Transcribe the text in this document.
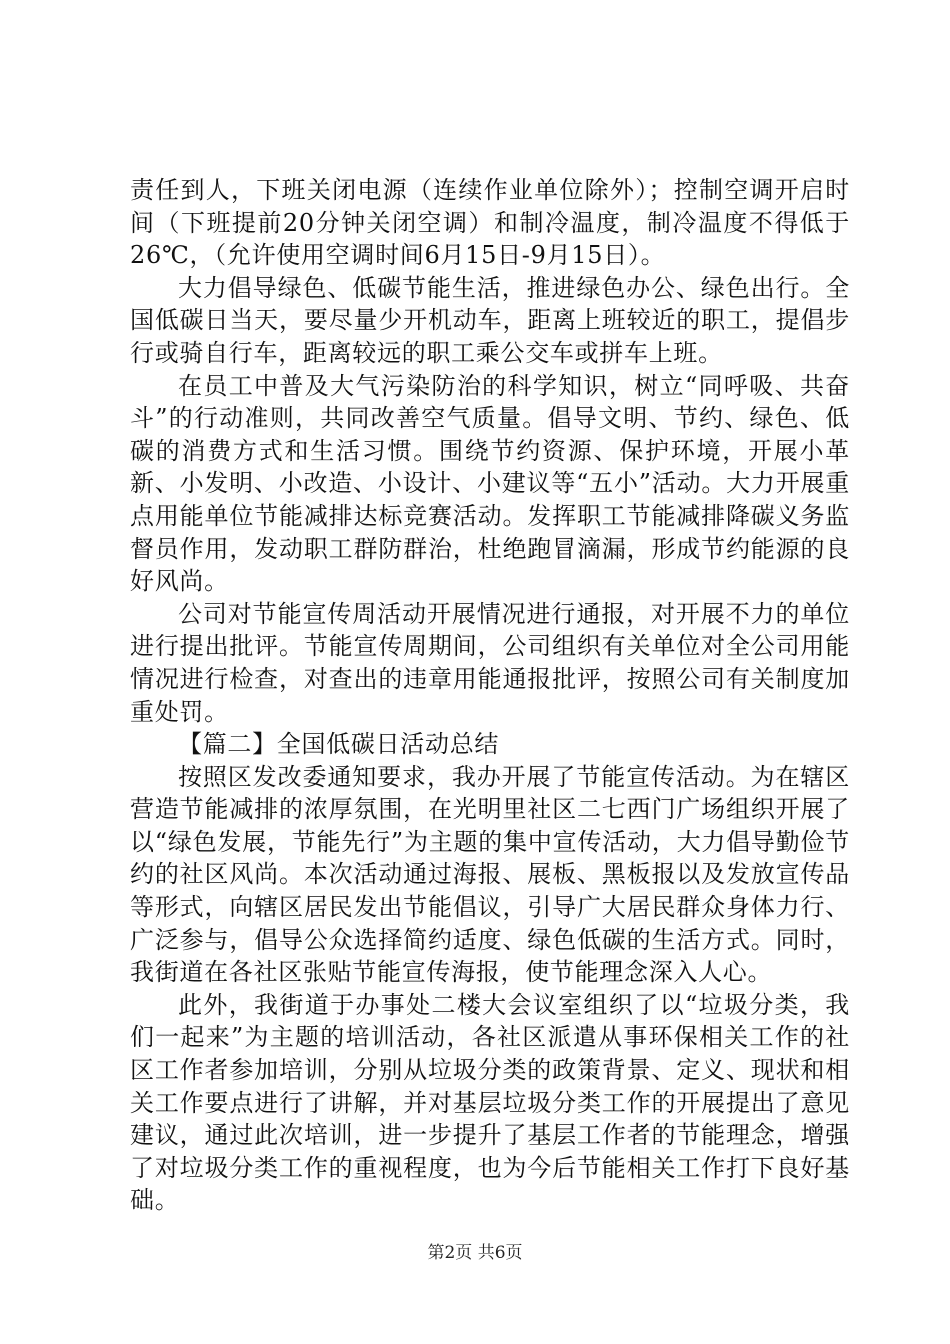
责任到人，下班关闭电源（连续作业单位除外）；控制空调开启时间（下班提前20分钟关闭空调）和制冷温度，制冷温度不得低于26℃，（允许使用空调时间6月15日-9月15日）。

大力倡导绿色、低碳节能生活，推进绿色办公、绿色出行。全国低碳日当天，要尽量少开机动车，距离上班较近的职工，提倡步行或骑自行车，距离较远的职工乘公交车或拼车上班。

在员工中普及大气污染防治的科学知识，树立“同呼吸、共奋斗”的行动准则，共同改善空气质量。倡导文明、节约、绿色、低碳的消费方式和生活习惯。围绕节约资源、保护环境，开展小革新、小发明、小改造、小设计、小建议等“五小”活动。大力开展重点用能单位节能减排达标竞赛活动。发挥职工节能减排降碳义务监督员作用，发动职工群防群治，杜绝跑冒滴漏，形成节约能源的良好风尚。

公司对节能宣传周活动开展情况进行通报，对开展不力的单位进行提出批评。节能宣传周期间，公司组织有关单位对全公司用能情况进行检查，对查出的违章用能通报批评，按照公司有关制度加重处罚。

【篇二】全国低碳日活动总结

按照区发改委通知要求，我办开展了节能宣传活动。为在辖区营造节能减排的浓厚氛围，在光明里社区二七西门广场组织开展了以“绿色发展，节能先行”为主题的集中宣传活动，大力倡导勤俭节约的社区风尚。本次活动通过海报、展板、黑板报以及发放宣传品等形式，向辖区居民发出节能倡议，引导广大居民群众身体力行、广泛参与，倡导公众选择简约适度、绿色低碳的生活方式。同时，我街道在各社区张贴节能宣传海报，使节能理念深入人心。

此外，我街道于办事处二楼大会议室组织了以“垃圾分类，我们一起来”为主题的培训活动，各社区派遣从事环保相关工作的社区工作者参加培训，分别从垃圾分类的政策背景、定义、现状和相关工作要点进行了讲解，并对基层垃圾分类工作的开展提出了意见建议，通过此次培训，进一步提升了基层工作者的节能理念，增强了对垃圾分类工作的重视程度，也为今后节能相关工作打下良好基础。

第2页 共6页
